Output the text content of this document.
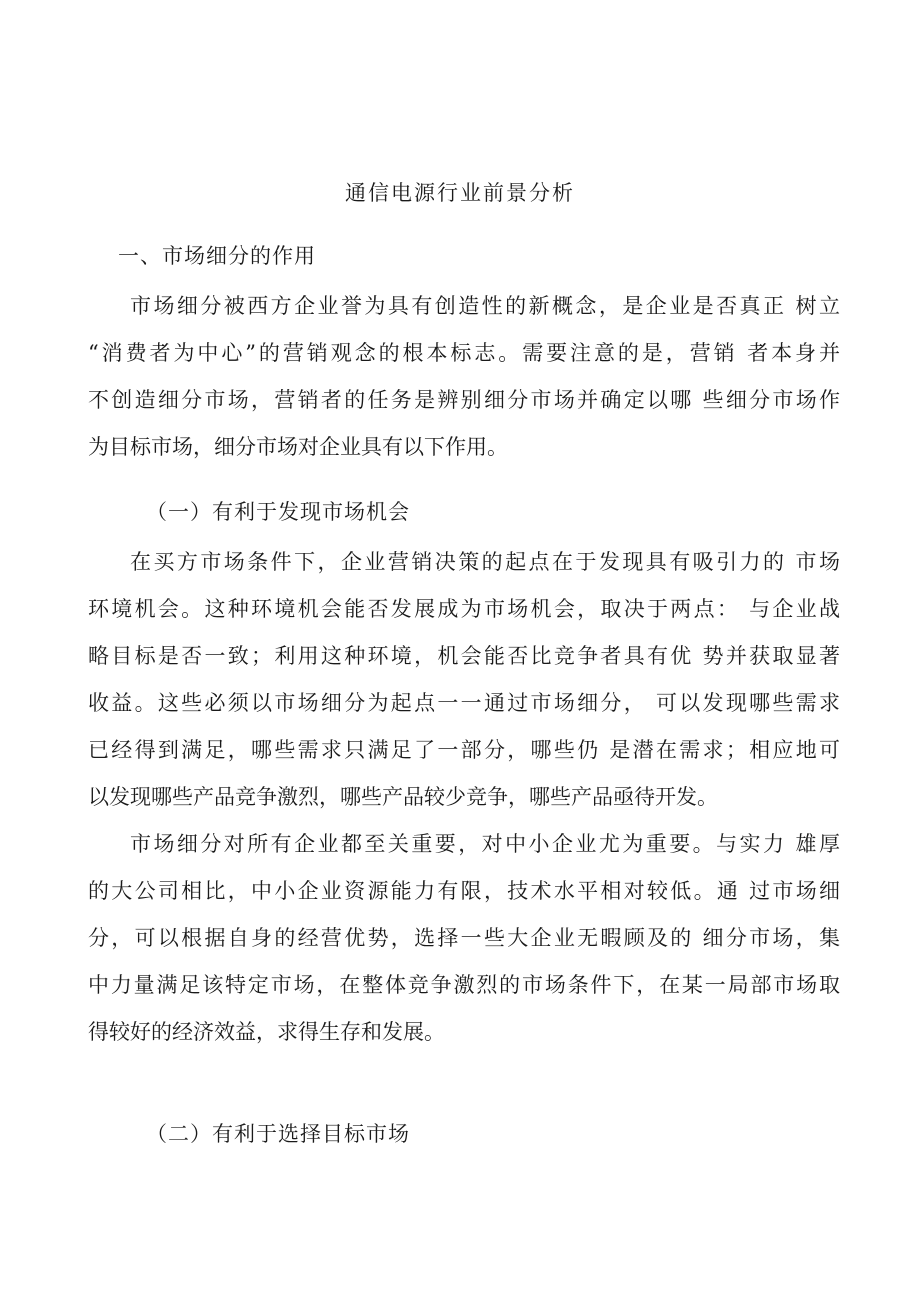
通信电源行业前景分析
一、市场细分的作用
市场细分被西方企业誉为具有创造性的新概念，是企业是否真正 树立
“消费者为中心”的营销观念的根本标志。需要注意的是，营销 者本身并
不创造细分市场，营销者的任务是辨别细分市场并确定以哪 些细分市场作
为目标市场，细分市场对企业具有以下作用。
（一）有利于发现市场机会
在买方市场条件下，企业营销决策的起点在于发现具有吸引力的 市场
环境机会。这种环境机会能否发展成为市场机会，取决于两点： 与企业战
略目标是否一致；利用这种环境，机会能否比竞争者具有优 势并获取显著
收益。这些必须以市场细分为起点一一通过市场细分， 可以发现哪些需求
已经得到满足，哪些需求只满足了一部分，哪些仍 是潜在需求；相应地可
以发现哪些产品竞争激烈，哪些产品较少竞争，哪些产品亟待开发。
市场细分对所有企业都至关重要，对中小企业尤为重要。与实力 雄厚
的大公司相比，中小企业资源能力有限，技术水平相对较低。通 过市场细
分，可以根据自身的经营优势，选择一些大企业无暇顾及的 细分市场，集
中力量满足该特定市场，在整体竞争激烈的市场条件下，在某一局部市场取
得较好的经济效益，求得生存和发展。
（二）有利于选择目标市场
